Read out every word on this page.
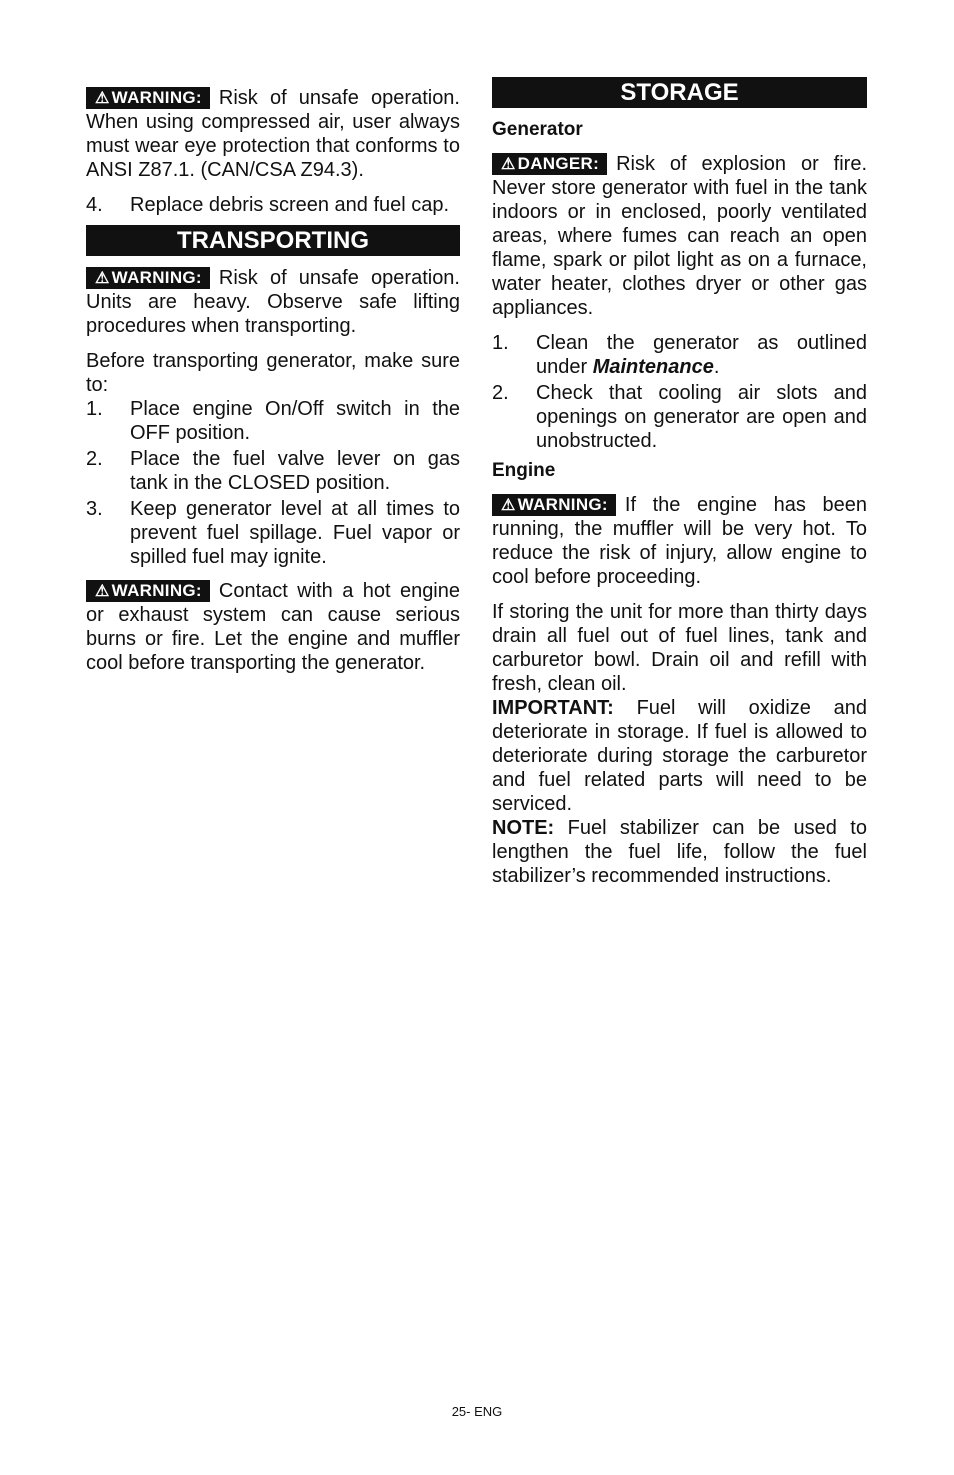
⚠ WARNING: Risk of unsafe operation. When using compressed air, user always must wear eye protection that conforms to ANSI Z87.1. (CAN/CSA Z94.3).

4. Replace debris screen and fuel cap.
TRANSPORTING

⚠ WARNING: Risk of unsafe operation. Units are heavy. Observe safe lifting procedures when transporting.

Before transporting generator, make sure to:

1. Place engine On/Off switch in the OFF position.
2. Place the fuel valve lever on gas tank in the CLOSED position.
3. Keep generator level at all times to prevent fuel spillage. Fuel vapor or spilled fuel may ignite.

⚠ WARNING: Contact with a hot engine or exhaust system can cause serious burns or fire. Let the engine and muffler cool before transporting the generator.

STORAGE
Generator

⚠ DANGER: Risk of explosion or fire. Never store generator with fuel in the tank indoors or in enclosed, poorly ventilated areas, where fumes can reach an open flame, spark or pilot light as on a furnace, water heater, clothes dryer or other gas appliances.

1. Clean the generator as outlined under Maintenance.
2. Check that cooling air slots and openings on generator are open and unobstructed.
Engine

⚠ WARNING: If the engine has been running, the muffler will be very hot. To reduce the risk of injury, allow engine to cool before proceeding.

If storing the unit for more than thirty days drain all fuel out of fuel lines, tank and carburetor bowl. Drain oil and refill with fresh, clean oil.

IMPORTANT: Fuel will oxidize and deteriorate in storage. If fuel is allowed to deteriorate during storage the carburetor and fuel related parts will need to be serviced.

NOTE: Fuel stabilizer can be used to lengthen the fuel life, follow the fuel stabilizer’s recommended instructions.

25- ENG
